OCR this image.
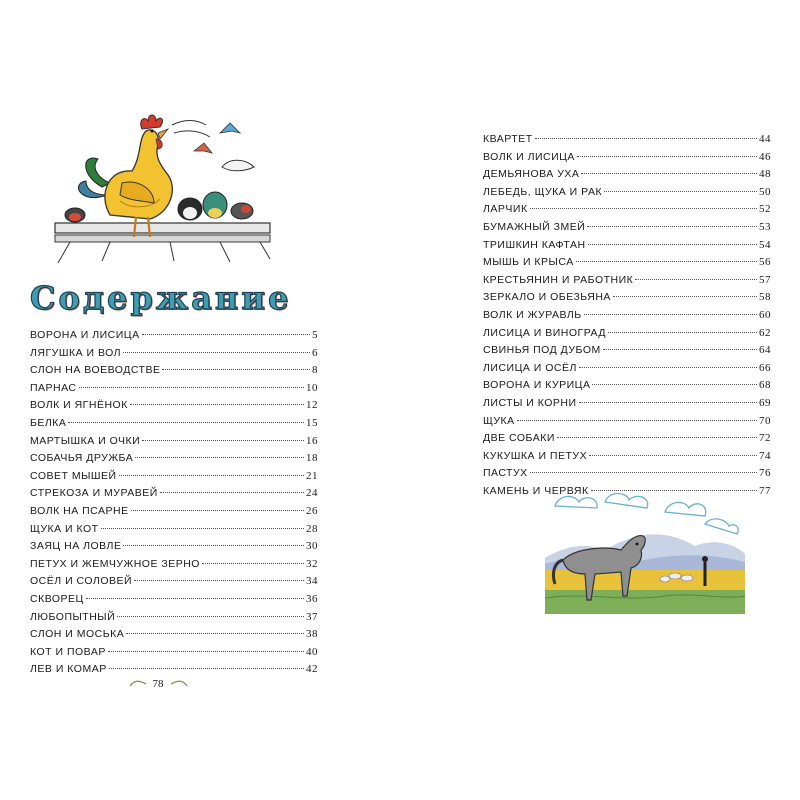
Содержание
ВОРОНА И ЛИСИЦА	5
ЛЯГУШКА И ВОЛ	6
СЛОН НА ВОЕВОДСТВЕ	8
ПАРНАС	10
ВОЛК И ЯГНЁНОК	12
БЕЛКА	15
МАРТЫШКА И ОЧКИ	16
СОБАЧЬЯ ДРУЖБА	18
СОВЕТ МЫШЕЙ	21
СТРЕКОЗА И МУРАВЕЙ	24
ВОЛК НА ПСАРНЕ	26
ЩУКА И КОТ	28
ЗАЯЦ НА ЛОВЛЕ	30
ПЕТУХ И ЖЕМЧУЖНОЕ ЗЕРНО	32
ОСЁЛ И СОЛОВЕЙ	34
СКВОРЕЦ	36
ЛЮБОПЫТНЫЙ	37
СЛОН И МОСЬКА	38
КОТ И ПОВАР	40
ЛЕВ И КОМАР	42
78
КВАРТЕТ	44
ВОЛК И ЛИСИЦА	46
ДЕМЬЯНОВА УХА	48
ЛЕБЕДЬ, ЩУКА И РАК	50
ЛАРЧИК	52
БУМАЖНЫЙ ЗМЕЙ	53
ТРИШКИН КАФТАН	54
МЫШЬ И КРЫСА	56
КРЕСТЬЯНИН И РАБОТНИК	57
ЗЕРКАЛО И ОБЕЗЬЯНА	58
ВОЛК И ЖУРАВЛЬ	60
ЛИСИЦА И ВИНОГРАД	62
СВИНЬЯ ПОД ДУБОМ	64
ЛИСИЦА И ОСЁЛ	66
ВОРОНА И КУРИЦА	68
ЛИСТЫ И КОРНИ	69
ЩУКА	70
ДВЕ СОБАКИ	72
КУКУШКА И ПЕТУХ	74
ПАСТУХ	76
КАМЕНЬ И ЧЕРВЯК	77
